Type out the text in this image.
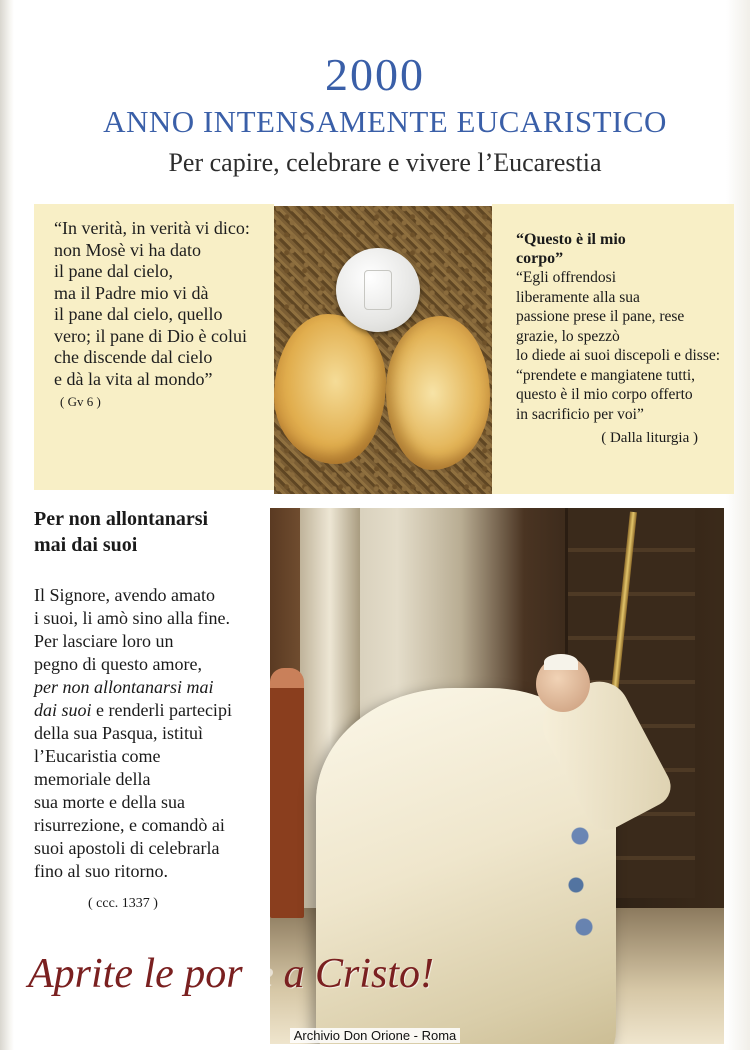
2000
ANNO INTENSAMENTE EUCARISTICO
Per capire, celebrare e vivere l’Eucarestia
“In verità, in verità vi dico:
non Mosè vi ha dato
il pane dal cielo,
ma il Padre mio vi dà
il pane dal cielo, quello
vero; il pane di Dio è colui
che discende dal cielo
e dà la vita al mondo”
( Gv 6 )
“Questo è il mio
corpo”
“Egli offrendosi
liberamente alla sua
passione prese il pane, rese
grazie, lo spezzò
lo diede ai suoi discepoli e disse:
“prendete e mangiatene tutti,
questo è il mio corpo offerto
in sacrificio per voi”
( Dalla liturgia )
Per non allontanarsi
mai dai suoi
Il Signore, avendo amato
i suoi, li amò sino alla fine.
Per lasciare loro un
pegno di questo amore,
per non allontanarsi mai
dai suoi e renderli partecipi
della sua Pasqua, istituì
l’Eucaristia come
memoriale della
sua morte e della sua
risurrezione, e comandò ai
suoi apostoli di celebrarla
fino al suo ritorno.
( ccc. 1337 )
Aprite le porte a Cristo!
Archivio Don Orione - Roma
